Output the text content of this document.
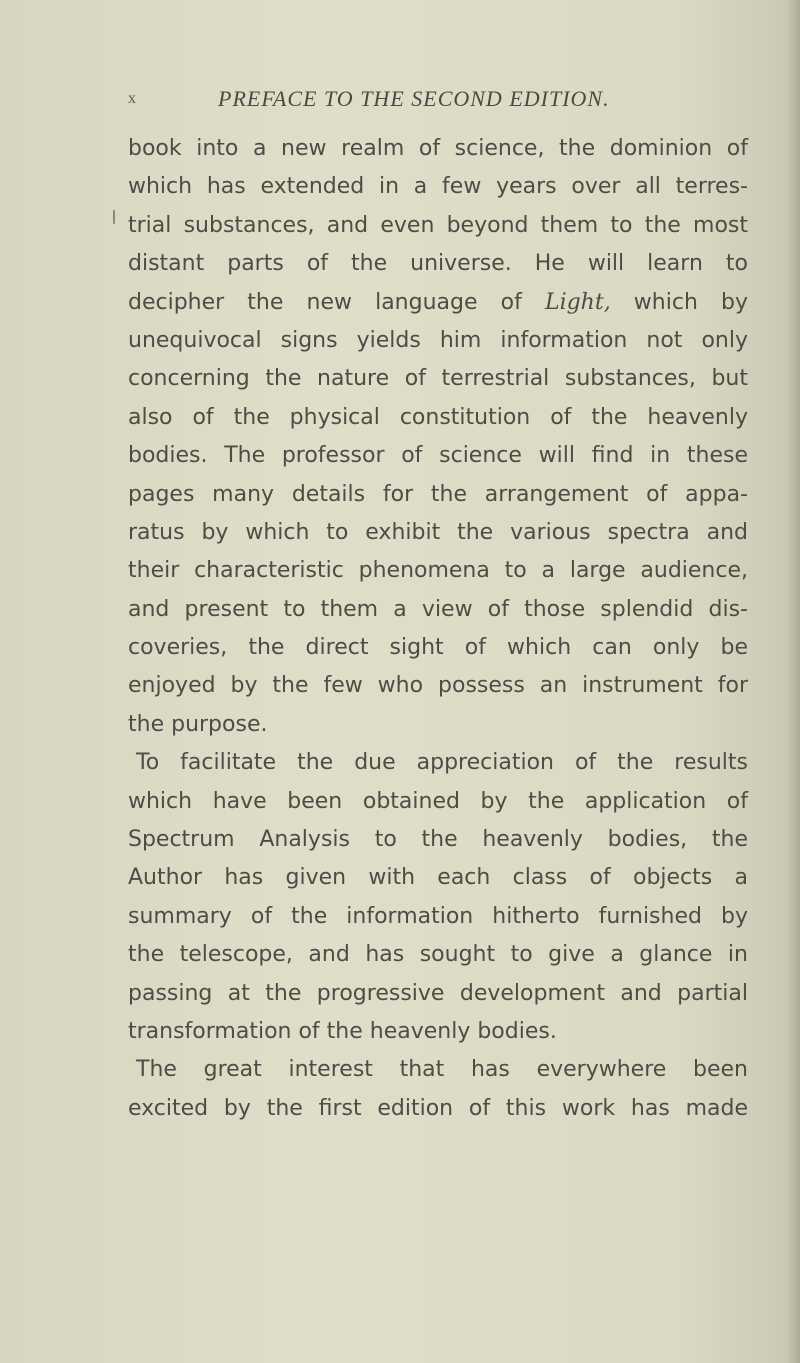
x	PREFACE TO THE SECOND EDITION.
book into a new realm of science, the dominion of
which has extended in a few years over all terres-
trial substances, and even beyond them to the most
distant parts of the universe. He will learn to
decipher the new language of Light, which by
unequivocal signs yields him information not only
concerning the nature of terrestrial substances, but
also of the physical constitution of the heavenly
bodies. The professor of science will find in these
pages many details for the arrangement of appa-
ratus by which to exhibit the various spectra and
their characteristic phenomena to a large audience,
and present to them a view of those splendid dis-
coveries, the direct sight of which can only be
enjoyed by the few who possess an instrument for
the purpose.
To facilitate the due appreciation of the results
which have been obtained by the application of
Spectrum Analysis to the heavenly bodies, the
Author has given with each class of objects a
summary of the information hitherto furnished by
the telescope, and has sought to give a glance in
passing at the progressive development and partial
transformation of the heavenly bodies.
The great interest that has everywhere been
excited by the first edition of this work has made
